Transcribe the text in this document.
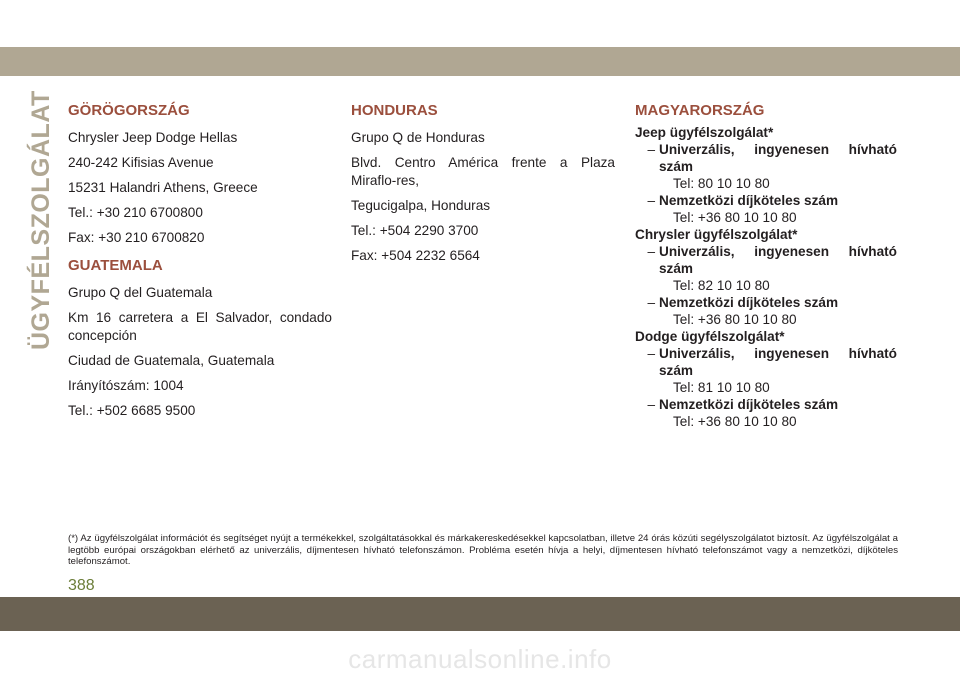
ÜGYFÉLSZOLGÁLAT GÖRÖGORSZÁG
Chrysler Jeep Dodge Hellas
240-242 Kifisias Avenue
15231 Halandri Athens, Greece
Tel.: +30 210 6700800
Fax: +30 210 6700820
GUATEMALA
Grupo Q del Guatemala
Km 16 carretera a El Salvador, condado concepción
Ciudad de Guatemala, Guatemala
Irányítószám: 1004
Tel.: +502 6685 9500
HONDURAS
Grupo Q de Honduras
Blvd. Centro América frente a Plaza Miraflo-res,
Tegucigalpa, Honduras
Tel.: +504 2290 3700
Fax: +504 2232 6564
MAGYARORSZÁG
Jeep ügyfélszolgálat*
– Univerzális, ingyenesen hívható szám
Tel: 80 10 10 80
– Nemzetközi díjköteles szám
Tel: +36 80 10 10 80
Chrysler ügyfélszolgálat*
– Univerzális, ingyenesen hívható szám
Tel: 82 10 10 80
– Nemzetközi díjköteles szám
Tel: +36 80 10 10 80
Dodge ügyfélszolgálat*
– Univerzális, ingyenesen hívható szám
Tel: 81 10 10 80
– Nemzetközi díjköteles szám
Tel: +36 80 10 10 80
(*) Az ügyfélszolgálat információt és segítséget nyújt a termékekkel, szolgáltatásokkal és márkakereskedésekkel kapcsolatban, illetve 24 órás közúti segélyszolgálatot biztosít. Az ügyfélszolgálat a legtöbb európai országokban elérhető az univerzális, díjmentesen hívható telefonszámon. Probléma esetén hívja a helyi, díjmentesen hívható telefonszámot vagy a nemzetközi, díjköteles telefonszámot.
388
carmanualsonline.info
